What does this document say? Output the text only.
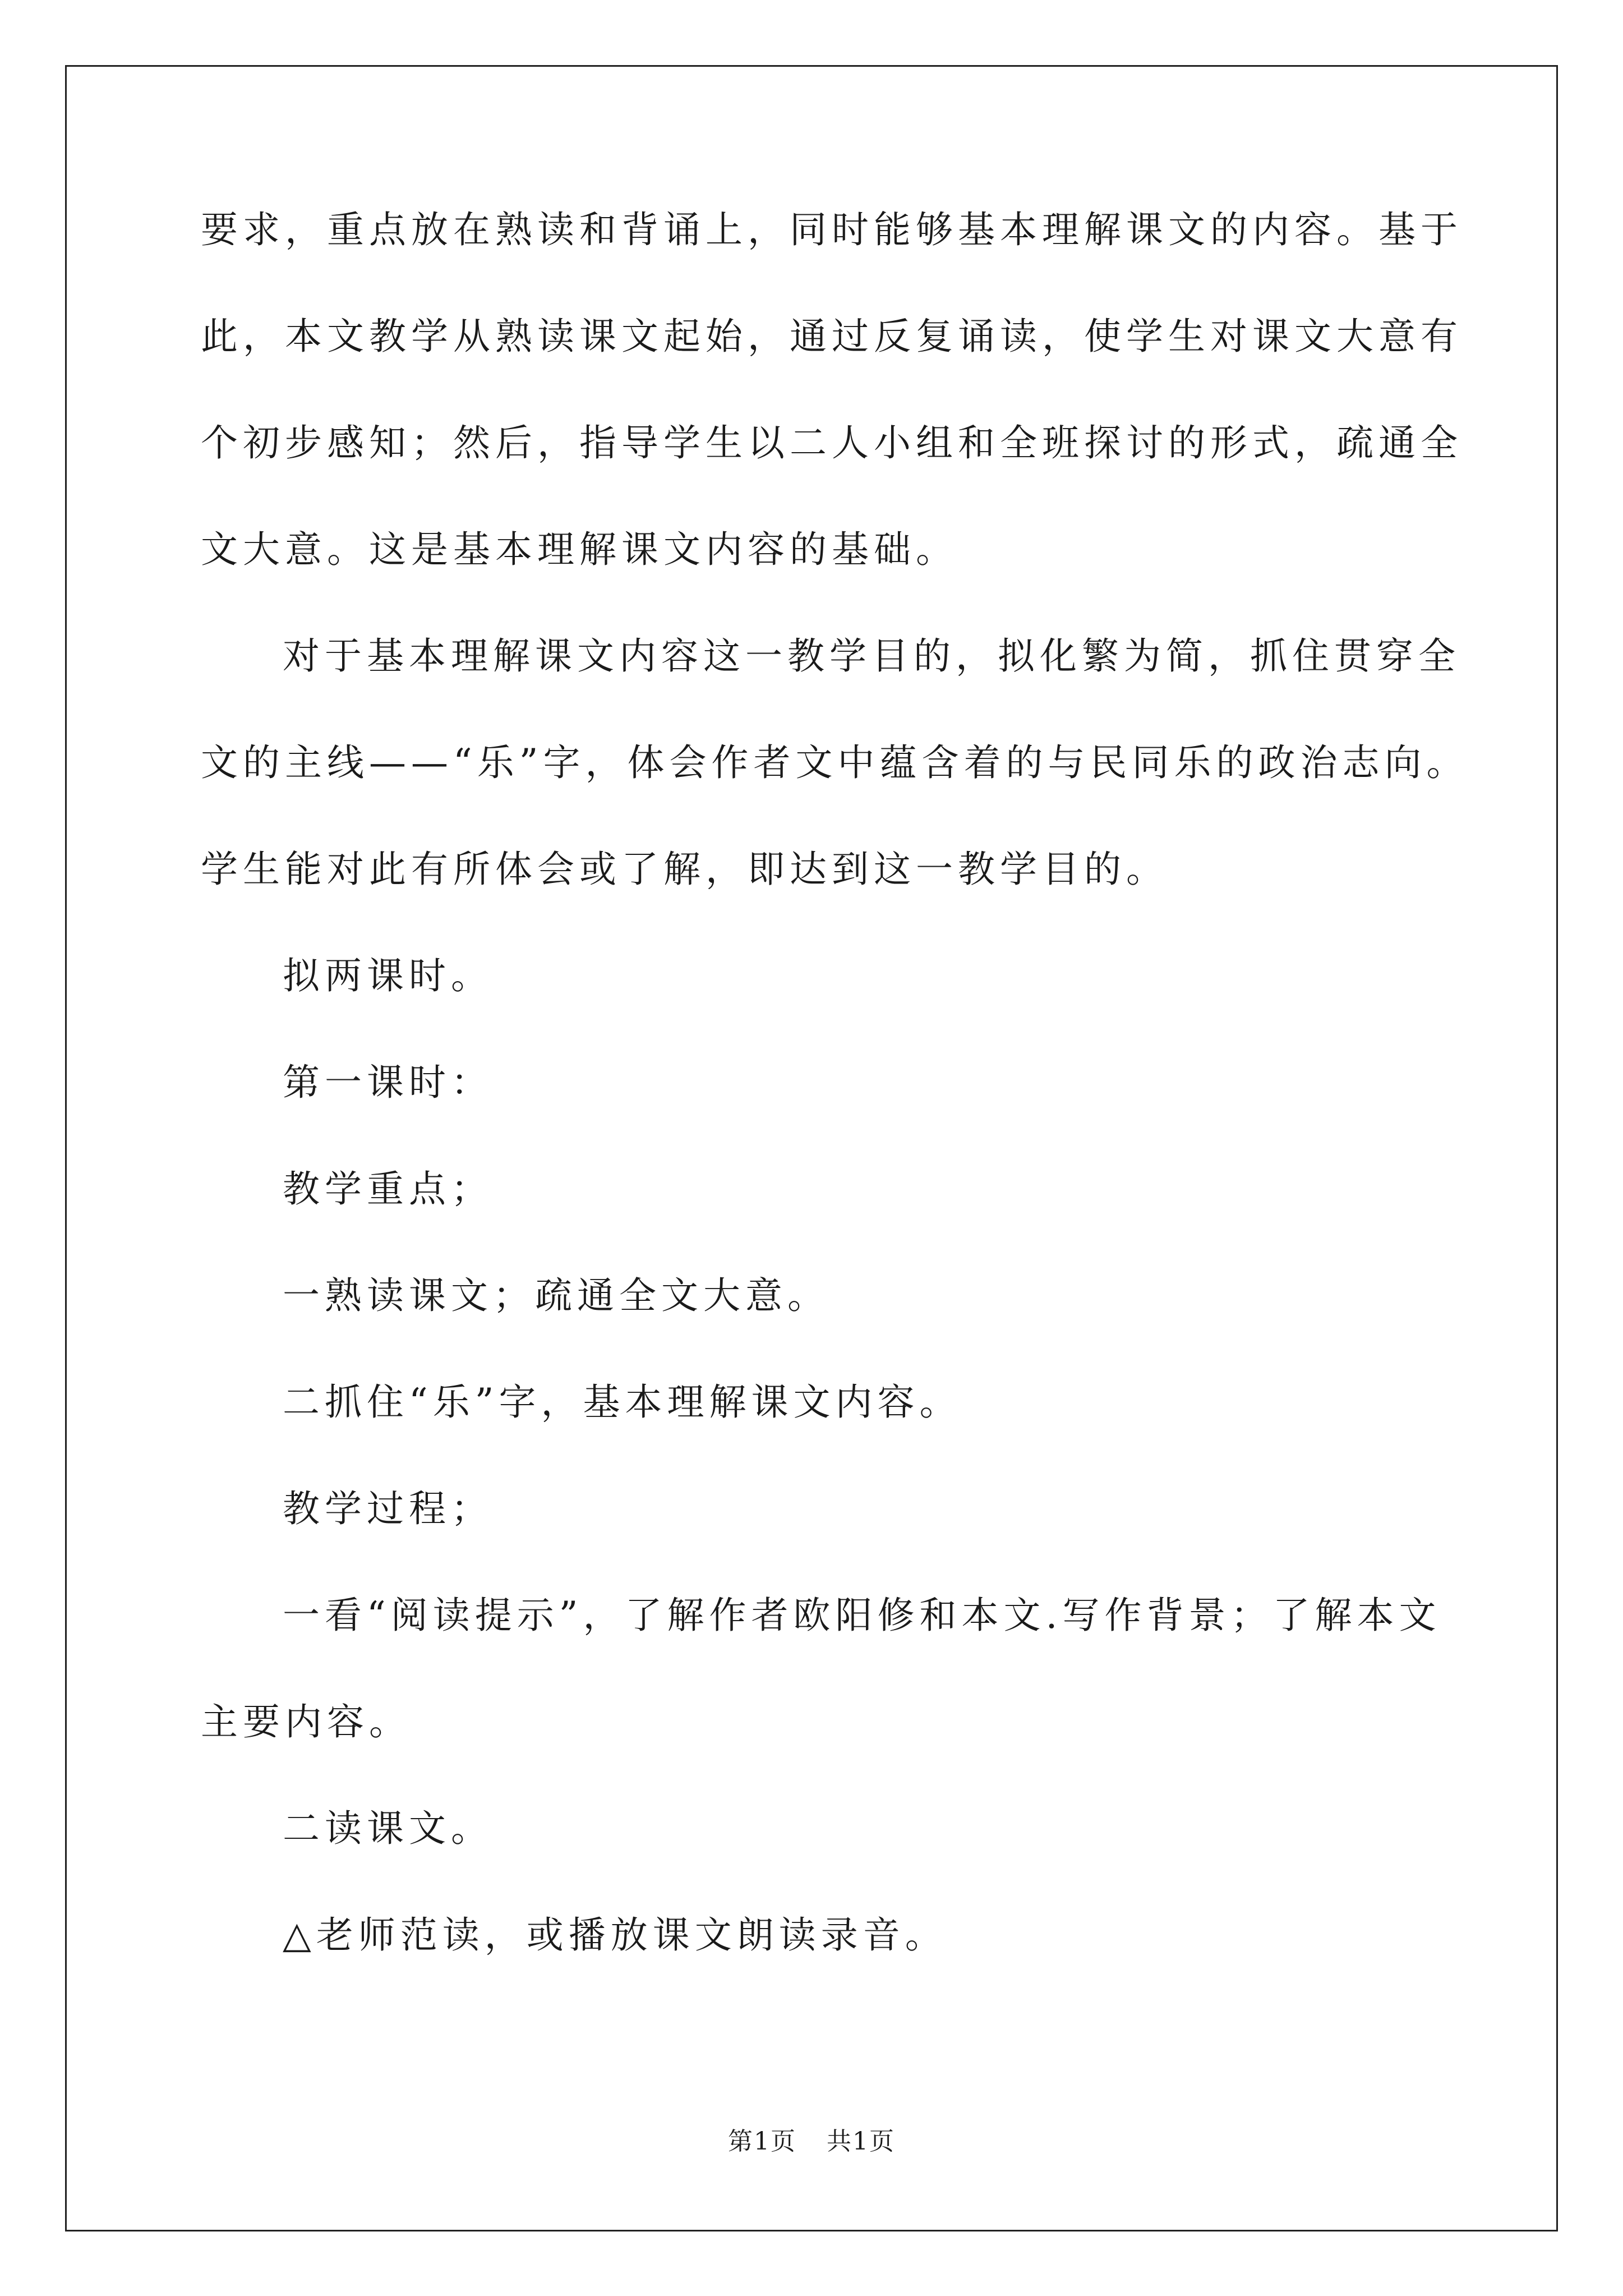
要求，重点放在熟读和背诵上，同时能够基本理解课文的内容。基于
此，本文教学从熟读课文起始，通过反复诵读，使学生对课文大意有
个初步感知；然后，指导学生以二人小组和全班探讨的形式，疏通全
文大意。这是基本理解课文内容的基础。
对于基本理解课文内容这一教学目的，拟化繁为简，抓住贯穿全
文的主线——“乐”字，体会作者文中蕴含着的与民同乐的政治志向。
学生能对此有所体会或了解，即达到这一教学目的。
拟两课时。
第一课时：
教学重点；
一熟读课文；疏通全文大意。
二抓住“乐”字，基本理解课文内容。
教学过程；
一看“阅读提示”，了解作者欧阳修和本文.写作背景；了解本文
主要内容。
二读课文。
△老师范读，或播放课文朗读录音。
第1页 共1页
